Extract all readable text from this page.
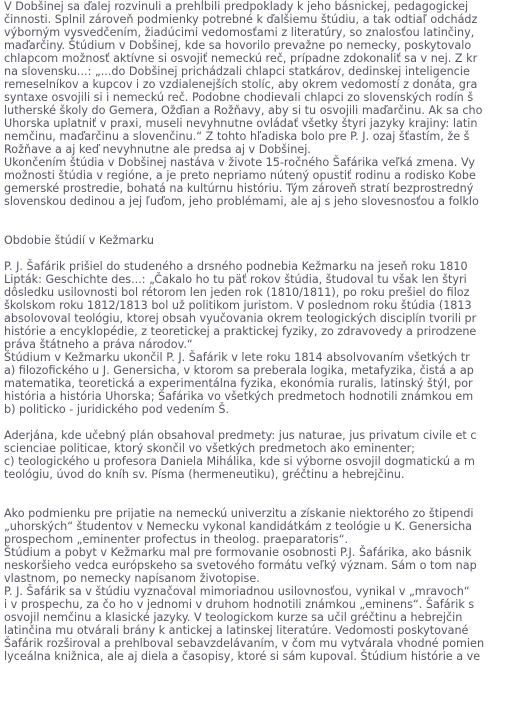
V Dobšinej sa ďalej rozvinuli a prehĺbili predpoklady k jeho básnickej, pedagogickej
činnosti. Splnil zároveň podmienky potrebné k ďalšiemu štúdiu, a tak odtiaľ odchádz
výborným vysvedčením, žiadúcimi vedomosťami z literatúry, so znalosťou latinčiny,
maďarčiny. Štúdium v Dobšinej, kde sa hovorilo prevažne po nemecky, poskytovalo
chlapcom možnosť aktívne si osvojiť nemeckú reč, prípadne zdokonaliť sa v nej. Z kr
na slovensku...: „...do Dobšinej prichádzali chlapci statkárov, dedinskej inteligencie
remeselníkov a kupcov i zo vzdialenejších stolíc, aby okrem vedomostí z donáta, gra
syntaxe osvojili si i nemeckú reč. Podobne chodievali chlapci zo slovenských rodín š
lutherské školy do Gemera, Ožďian a Rožňavy, aby si tu osvojili maďarčinu. Ak sa cho
Uhorska uplatniť v praxi, museli nevyhnutne ovládať všetky štyri jazyky krajiny: latin
nemčinu, maďarčinu a slovenčinu.“ Z tohto hľadiska bolo pre P. J. ozaj šťastím, že š
Rožňave a aj keď nevyhnutne ale predsa aj v Dobšinej.
Ukončením štúdia v Dobšinej nastáva v živote 15-ročného Šafárika veľká zmena. Vy
možnosti štúdia v regióne, a je preto nepriamo nútený opustiť rodinu a rodisko Kobe
gemerské prostredie, bohatá na kultúrnu históriu. Tým zároveň stratí bezprostredný
slovenskou dedinou a jej ľuďom, jeho problémami, ale aj s jeho slovesnosťou a folklo
Obdobie štúdií v Kežmarku
P. J. Šafárik prišiel do studeného a drsného podnebia Kežmarku na jeseň roku 1810
Lipták: Geschichte des...: „Čakalo ho tu päť rokov štúdia, študoval tu však len štyri
dôsledku usilovnosti bol rétorom len jeden rok (1810/1811), po roku prešiel do filoz
školskom roku 1812/1813 bol už politikom juristom. V poslednom roku štúdia (1813
absolovoval teológiu, ktorej obsah vyučovania okrem teologických disciplín tvorili pr
histórie a encyklopédie, z teoretickej a praktickej fyziky, zo zdravovedy a prirodzene
práva štátneho a práva národov.“
Štúdium v Kežmarku ukončil P. J. Šafárik v lete roku 1814 absolvovaním všetkých tr
a) filozofického u J. Genersicha, v ktorom sa preberala logika, metafyzika, čistá a ap
matematika, teoretická a experimentálna fyzika, ekonómia ruralis, latinský štýl, por
história a história Uhorska; Šafárika vo všetkých predmetoch hodnotili známkou em
b) politicko - juridického pod vedením Š.
Aderjána, kde učebný plán obsahoval predmety: jus naturae, jus privatum civile et c
scienciae politicae, ktorý skončil vo všetkých predmetoch ako eminenter;
c) teologického u profesora Daniela Mihálika, kde si výborne osvojil dogmatickú a m
teológiu, úvod do kníh sv. Písma (hermeneutiku), gréčtinu a hebrejčinu.
Ako podmienku pre prijatie na nemeckú univerzitu a získanie niektorého zo štipendi
„uhorských“ študentov v Nemecku vykonal kandidátkám z teológie u K. Genersicha
prospechom „eminenter profectus in theolog. praeparatoris“.
Štúdium a pobyt v Kežmarku mal pre formovanie osobnosti P.J. Šafárika, ako básnik
neskoršieho vedca európskeho sa svetového formátu veľký význam. Sám o tom nap
vlastnom, po nemecky napísanom životopise.
P. J. Šafárik sa v štúdiu vyznačoval mimoriadnou usilovnosťou, vynikal v „mravoch“
i v prospechu, za čo ho v jednomi v druhom hodnotili známkou „eminens“. Šafárik s
osvojil nemčinu a klasické jazyky. V teologickom kurze sa učil gréčtinu a hebrejčin
latinčina mu otvárali brány k antickej a latinskej literatúre. Vedomosti poskytované
Šafárik rozširoval a prehlboval sebavzdelávaním, v čom mu vytvárala vhodné pomien
lyceálna knižnica, ale aj diela a časopisy, ktoré si sám kupoval. Štúdium histórie a ve
